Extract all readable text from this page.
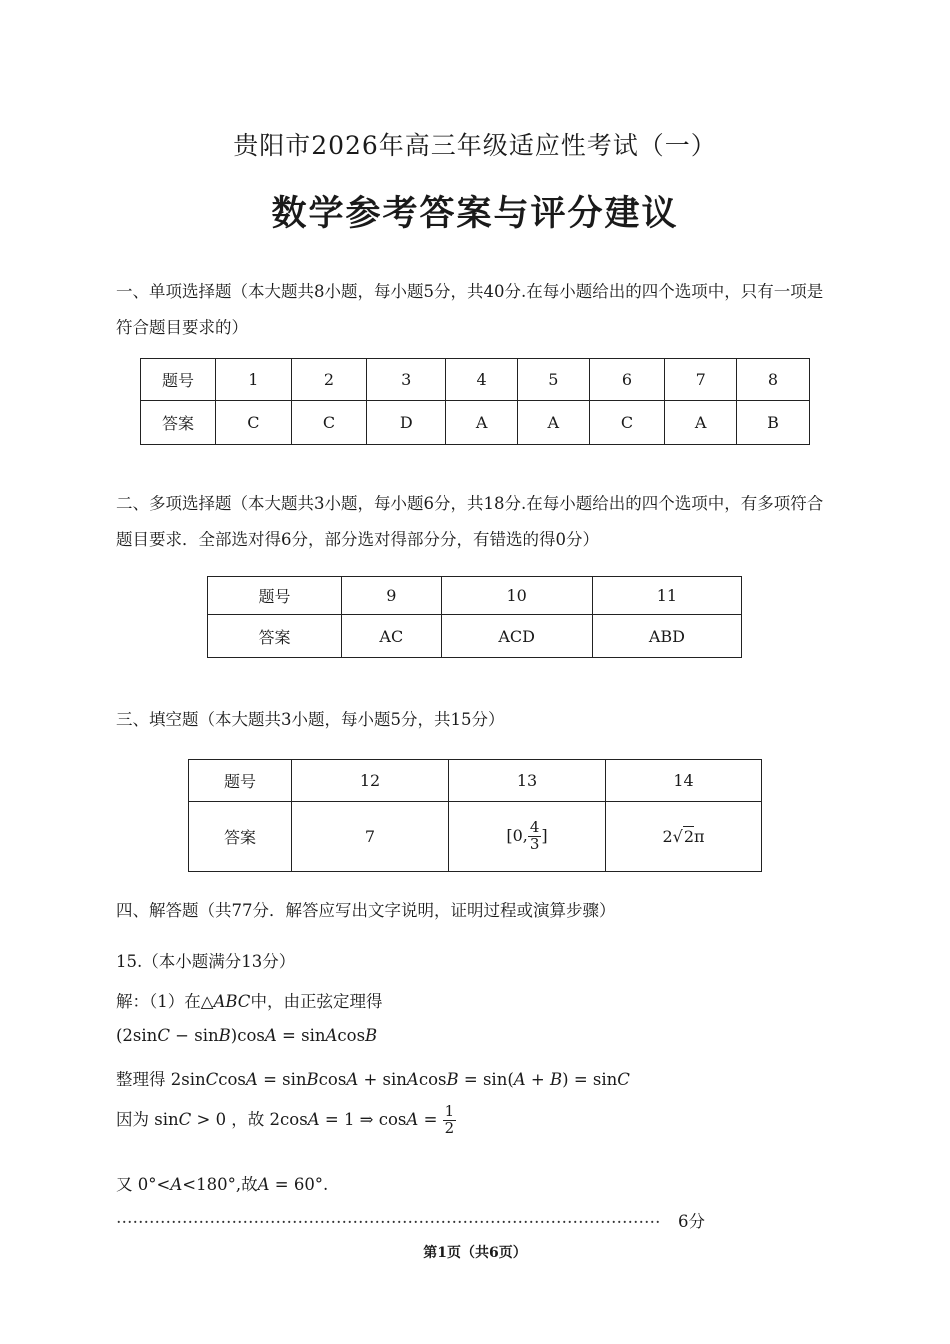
贵阳市2026年高三年级适应性考试（一）
数学参考答案与评分建议
一、单项选择题（本大题共8小题，每小题5分，共40分.在每小题给出的四个选项中，只有一项是符合题目要求的）
题号	1	2	3	4	5	6	7	8
答案	C	C	D	A	A	C	A	B
二、多项选择题（本大题共3小题，每小题6分，共18分.在每小题给出的四个选项中，有多项符合题目要求．全部选对得6分，部分选对得部分分，有错选的得0分）
题号	9	10	11
答案	AC	ACD	ABD
三、填空题（本大题共3小题，每小题5分，共15分）
题号	12	13	14
答案	7	[0, $\frac{4}{3}$ ]	2√2π
四、解答题（共77分．解答应写出文字说明，证明过程或演算步骤）
15.（本小题满分13分）
解：（1）在△ABC中，由正弦定理得
(2sinC − sinB)cosA = sinAcosB
整理得 2sinCcosA = sinBcosA + sinAcosB = sin(A + B) = sinC
因为 sinC > 0 ，故 2cosA = 1 ⇒ $\cos A = \frac{1}{2}$
又 0°<A<180°,故A = 60°.
………………………………………………………………………………………	6分
第1页（共6页）
